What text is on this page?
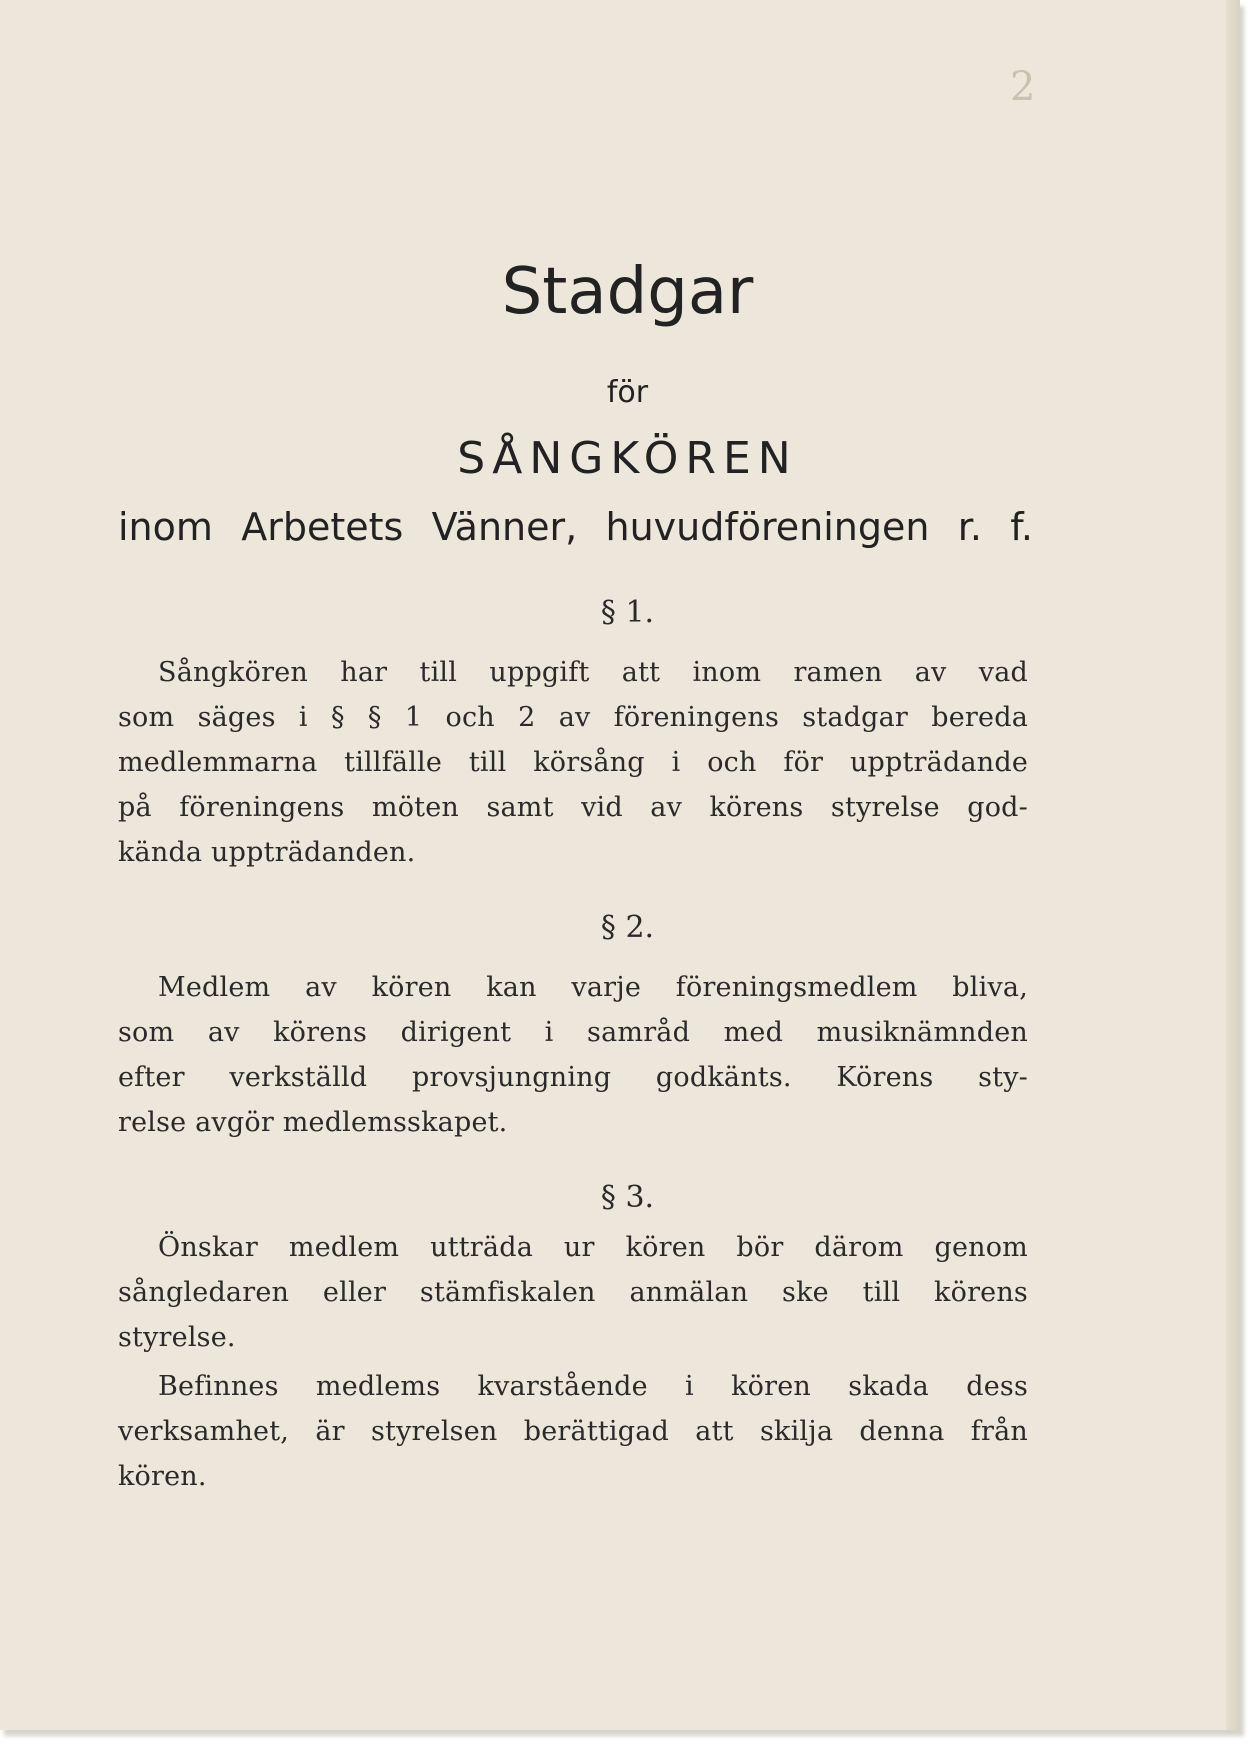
2
Stadgar
för
SÅNGKÖREN
inom Arbetets Vänner, huvudföreningen r. f.
§ 1.
Sångkören har till uppgift att inom ramen av vad
som säges i § § 1 och 2 av föreningens stadgar bereda
medlemmarna tillfälle till körsång i och för uppträdande
på föreningens möten samt vid av körens styrelse god-
kända uppträdanden.
§ 2.
Medlem av kören kan varje föreningsmedlem bliva,
som av körens dirigent i samråd med musiknämnden
efter verkställd provsjungning godkänts. Körens sty-
relse avgör medlemsskapet.
§ 3.
Önskar medlem utträda ur kören bör därom genom
sångledaren eller stämfiskalen anmälan ske till körens
styrelse.
Befinnes medlems kvarstående i kören skada dess
verksamhet, är styrelsen berättigad att skilja denna från
kören.
